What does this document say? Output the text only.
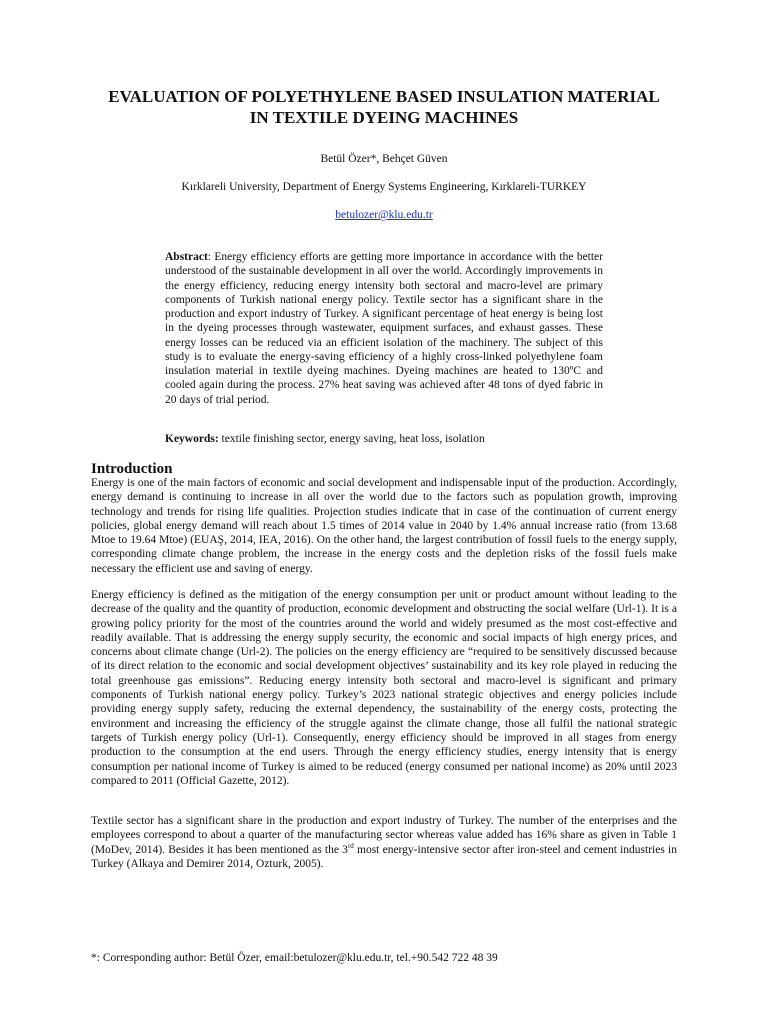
EVALUATION OF POLYETHYLENE BASED INSULATION MATERIAL IN TEXTILE DYEING MACHINES
Betül Özer*, Behçet Güven
Kırklareli University, Department of Energy Systems Engineering, Kırklareli-TURKEY
betulozer@klu.edu.tr

Abstract: Energy efficiency efforts are getting more importance in accordance with the better understood of the sustainable development in all over the world. Accordingly improvements in the energy efficiency, reducing energy intensity both sectoral and macro-level are primary components of Turkish national energy policy. Textile sector has a significant share in the production and export industry of Turkey. A significant percentage of heat energy is being lost in the dyeing processes through wastewater, equipment surfaces, and exhaust gasses. These energy losses can be reduced via an efficient isolation of the machinery. The subject of this study is to evaluate the energy-saving efficiency of a highly cross-linked polyethylene foam insulation material in textile dyeing machines. Dyeing machines are heated to 130ºC and cooled again during the process. 27% heat saving was achieved after 48 tons of dyed fabric in 20 days of trial period.

Keywords: textile finishing sector, energy saving, heat loss, isolation

Introduction

Energy is one of the main factors of economic and social development and indispensable input of the production. Accordingly, energy demand is continuing to increase in all over the world due to the factors such as population growth, improving technology and trends for rising life qualities. Projection studies indicate that in case of the continuation of current energy policies, global energy demand will reach about 1.5 times of 2014 value in 2040 by 1.4% annual increase ratio (from 13.68 Mtoe to 19.64 Mtoe) (EUAŞ, 2014, IEA, 2016). On the other hand, the largest contribution of fossil fuels to the energy supply, corresponding climate change problem, the increase in the energy costs and the depletion risks of the fossil fuels make necessary the efficient use and saving of energy.

Energy efficiency is defined as the mitigation of the energy consumption per unit or product amount without leading to the decrease of the quality and the quantity of production, economic development and obstructing the social welfare (Url-1). It is a growing policy priority for the most of the countries around the world and widely presumed as the most cost-effective and readily available. That is addressing the energy supply security, the economic and social impacts of high energy prices, and concerns about climate change (Url-2). The policies on the energy efficiency are “required to be sensitively discussed because of its direct relation to the economic and social development objectives’ sustainability and its key role played in reducing the total greenhouse gas emissions”. Reducing energy intensity both sectoral and macro-level is significant and primary components of Turkish national energy policy. Turkey’s 2023 national strategic objectives and energy policies include providing energy supply safety, reducing the external dependency, the sustainability of the energy costs, protecting the environment and increasing the efficiency of the struggle against the climate change, those all fulfil the national strategic targets of Turkish energy policy (Url-1). Consequently, energy efficiency should be improved in all stages from energy production to the consumption at the end users. Through the energy efficiency studies, energy intensity that is energy consumption per national income of Turkey is aimed to be reduced (energy consumed per national income) as 20% until 2023 compared to 2011 (Official Gazette, 2012).

Textile sector has a significant share in the production and export industry of Turkey. The number of the enterprises and the employees correspond to about a quarter of the manufacturing sector whereas value added has 16% share as given in Table 1 (MoDev, 2014). Besides it has been mentioned as the 3rd most energy-intensive sector after iron-steel and cement industries in Turkey (Alkaya and Demirer 2014, Ozturk, 2005).

*: Corresponding author: Betül Özer, email:betulozer@klu.edu.tr, tel.+90.542 722 48 39
